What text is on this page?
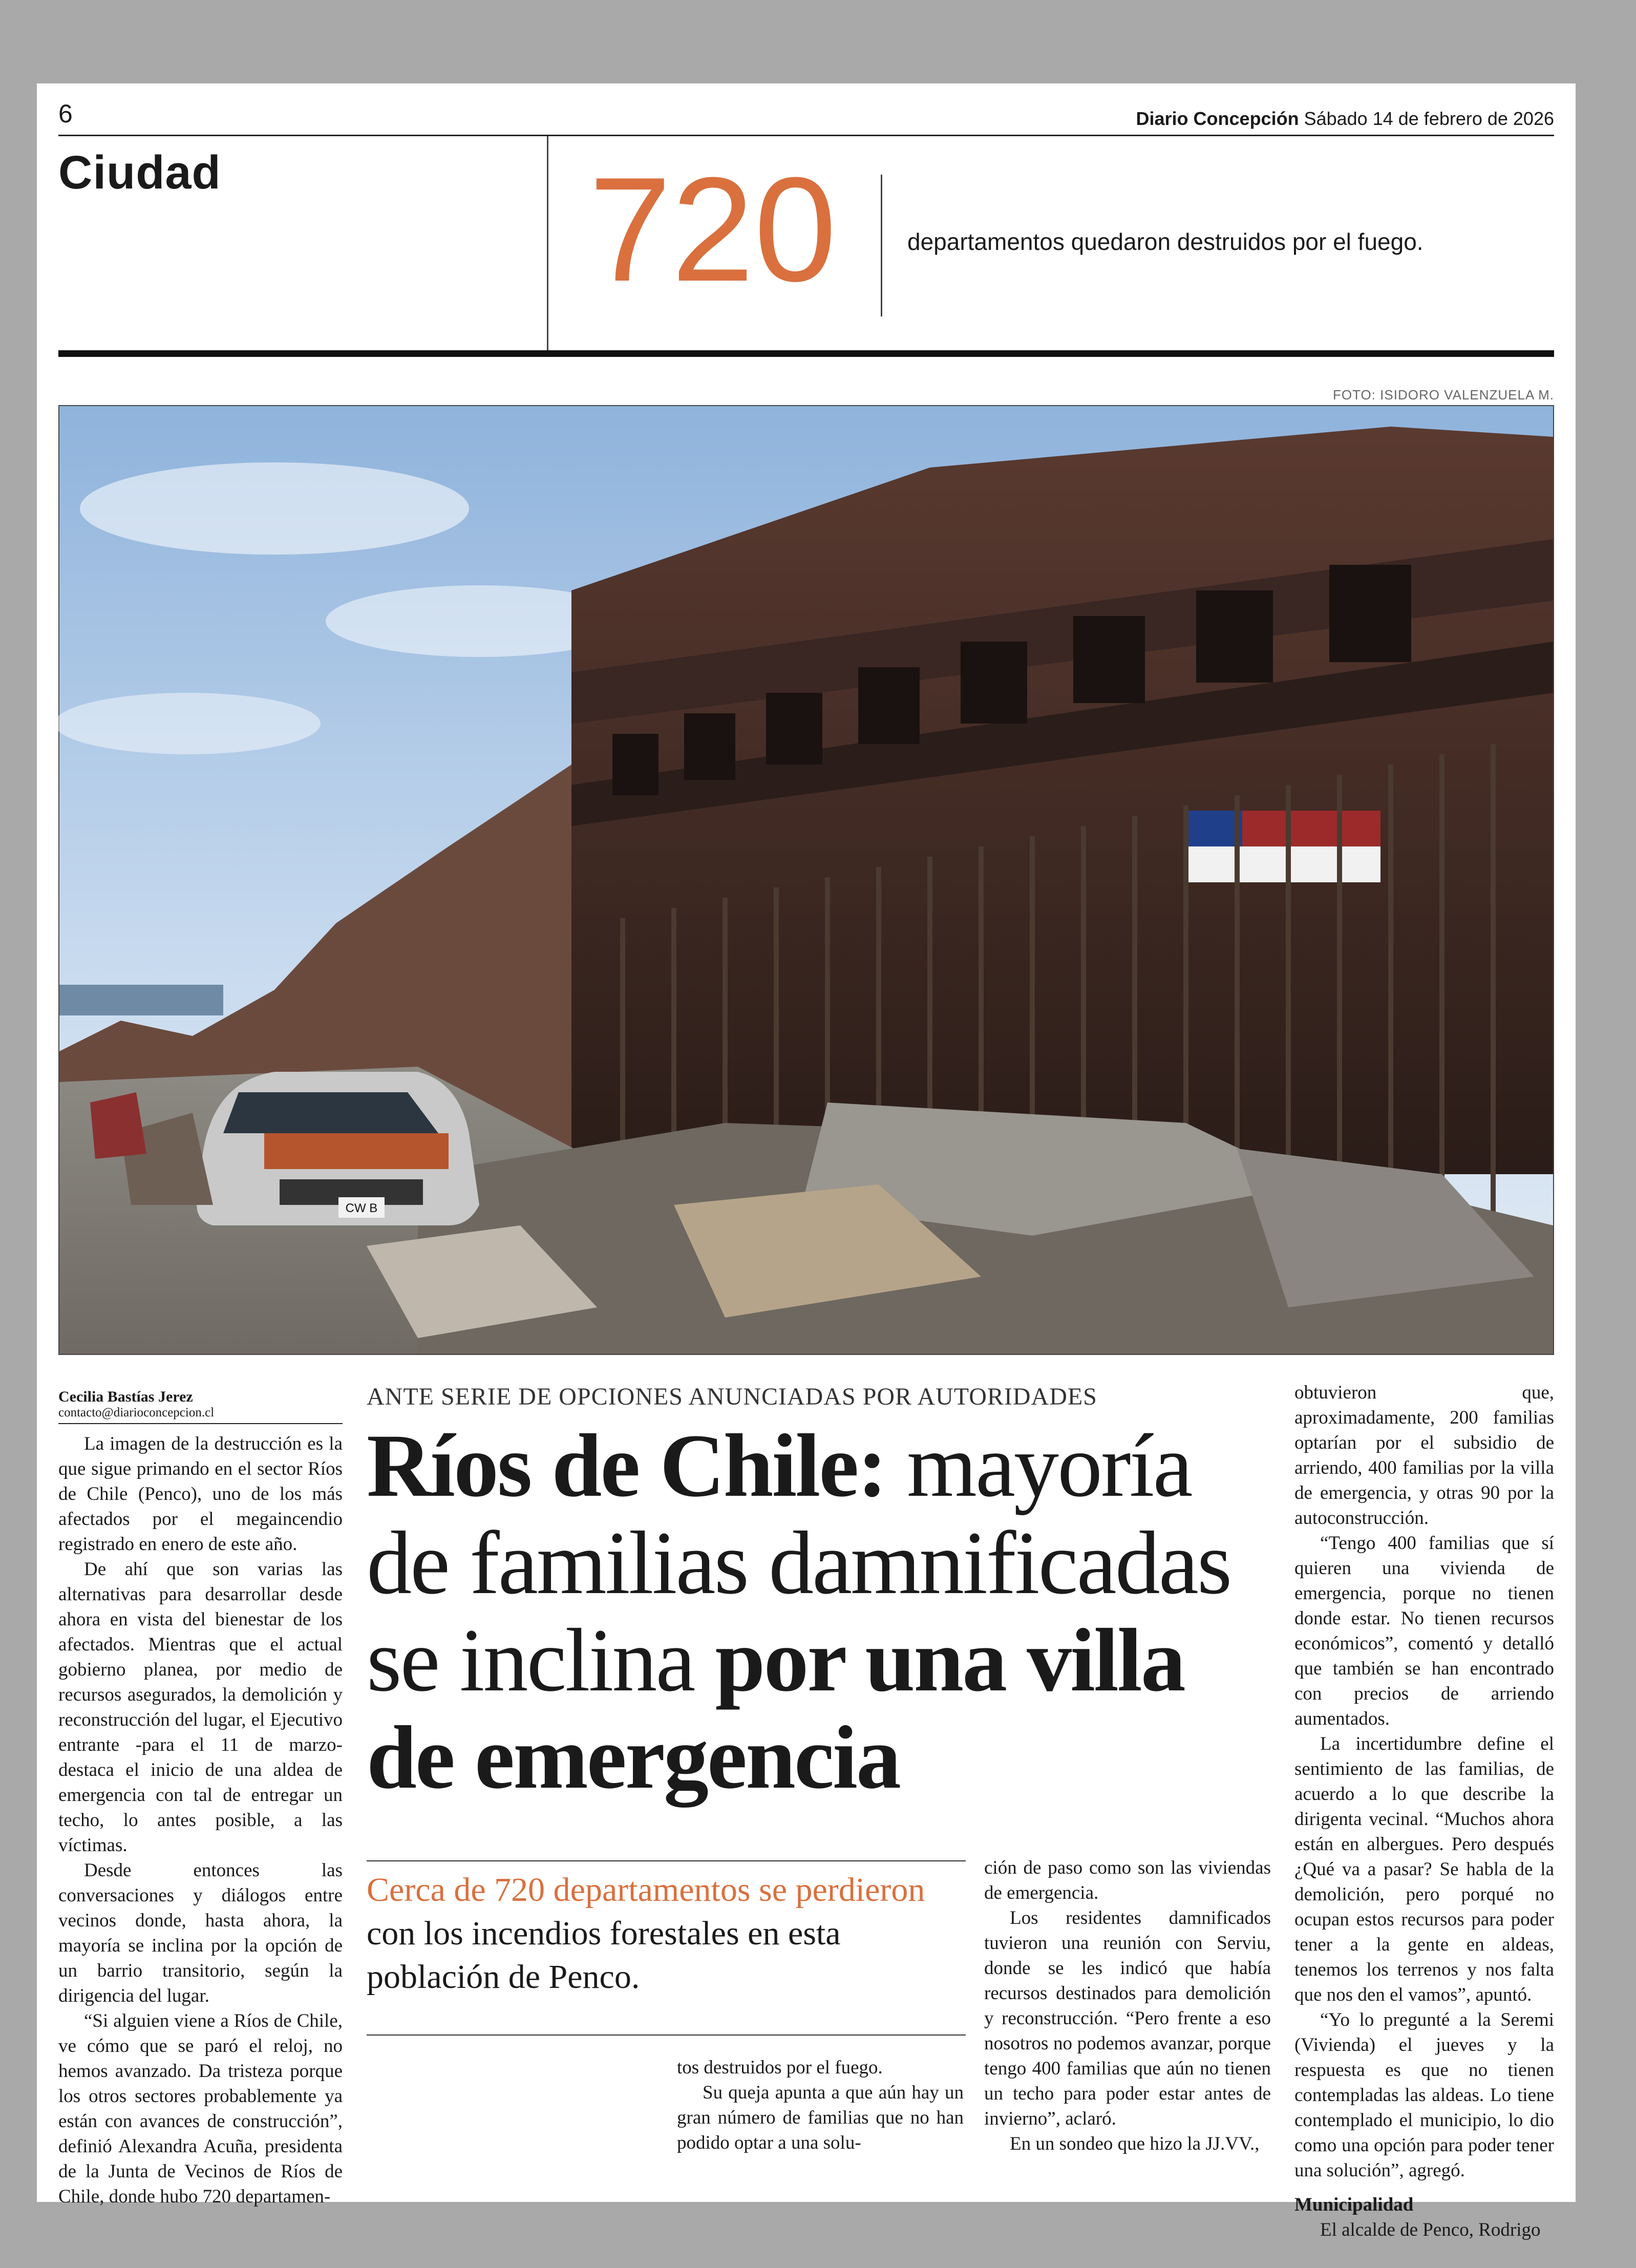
6	Diario Concepción Sábado 14 de febrero de 2026
Ciudad 720	departamentos quedaron destruidos por el fuego.
FOTO: ISIDORO VALENZUELA M.
CW B
Cecilia Bastías Jerez
contacto@diarioconcepcion.cl
ANTE SERIE DE OPCIONES ANUNCIADAS POR AUTORIDADES
Ríos de Chile: mayoría de familias damnificadas se inclina por una villa de emergencia
Cerca de 720 departamentos se perdieron con los incendios forestales en esta población de Penco.

La imagen de la destrucción es la que sigue primando en el sector Ríos de Chile (Penco), uno de los más afectados por el megaincendio registrado en enero de este año.

De ahí que son varias las alternativas para desarrollar desde ahora en vista del bienestar de los afectados. Mientras que el actual gobierno planea, por medio de recursos asegurados, la demolición y reconstrucción del lugar, el Ejecutivo entrante -para el 11 de marzo- destaca el inicio de una aldea de emergencia con tal de entregar un techo, lo antes posible, a las víctimas.

Desde entonces las conversaciones y diálogos entre vecinos donde, hasta ahora, la mayoría se inclina por la opción de un barrio transitorio, según la dirigencia del lugar.

“Si alguien viene a Ríos de Chile, ve cómo que se paró el reloj, no hemos avanzado. Da tristeza porque los otros sectores probablemente ya están con avances de construcción”, definió Alexandra Acuña, presidenta de la Junta de Vecinos de Ríos de Chile, donde hubo 720 departamen-

tos destruidos por el fuego.

Su queja apunta a que aún hay un gran número de familias que no han podido optar a una solu-

ción de paso como son las viviendas de emergencia.

Los residentes damnificados tuvieron una reunión con Serviu, donde se les indicó que había recursos destinados para demolición y reconstrucción. “Pero frente a eso nosotros no podemos avanzar, porque tengo 400 familias que aún no tienen un techo para poder estar antes de invierno”, aclaró.

En un sondeo que hizo la JJ.VV.,

obtuvieron que, aproximadamente, 200 familias optarían por el subsidio de arriendo, 400 familias por la villa de emergencia, y otras 90 por la autoconstrucción.

“Tengo 400 familias que sí quieren una vivienda de emergencia, porque no tienen donde estar. No tienen recursos económicos”, comentó y detalló que también se han encontrado con precios de arriendo aumentados.

La incertidumbre define el sentimiento de las familias, de acuerdo a lo que describe la dirigenta vecinal. “Muchos ahora están en albergues. Pero después ¿Qué va a pasar? Se habla de la demolición, pero porqué no ocupan estos recursos para poder tener a la gente en aldeas, tenemos los terrenos y nos falta que nos den el vamos”, apuntó.

“Yo lo pregunté a la Seremi (Vivienda) el jueves y la respuesta es que no tienen contempladas las aldeas. Lo tiene contemplado el municipio, lo dio como una opción para poder tener una solución”, agregó.

Municipalidad

El alcalde de Penco, Rodrigo
